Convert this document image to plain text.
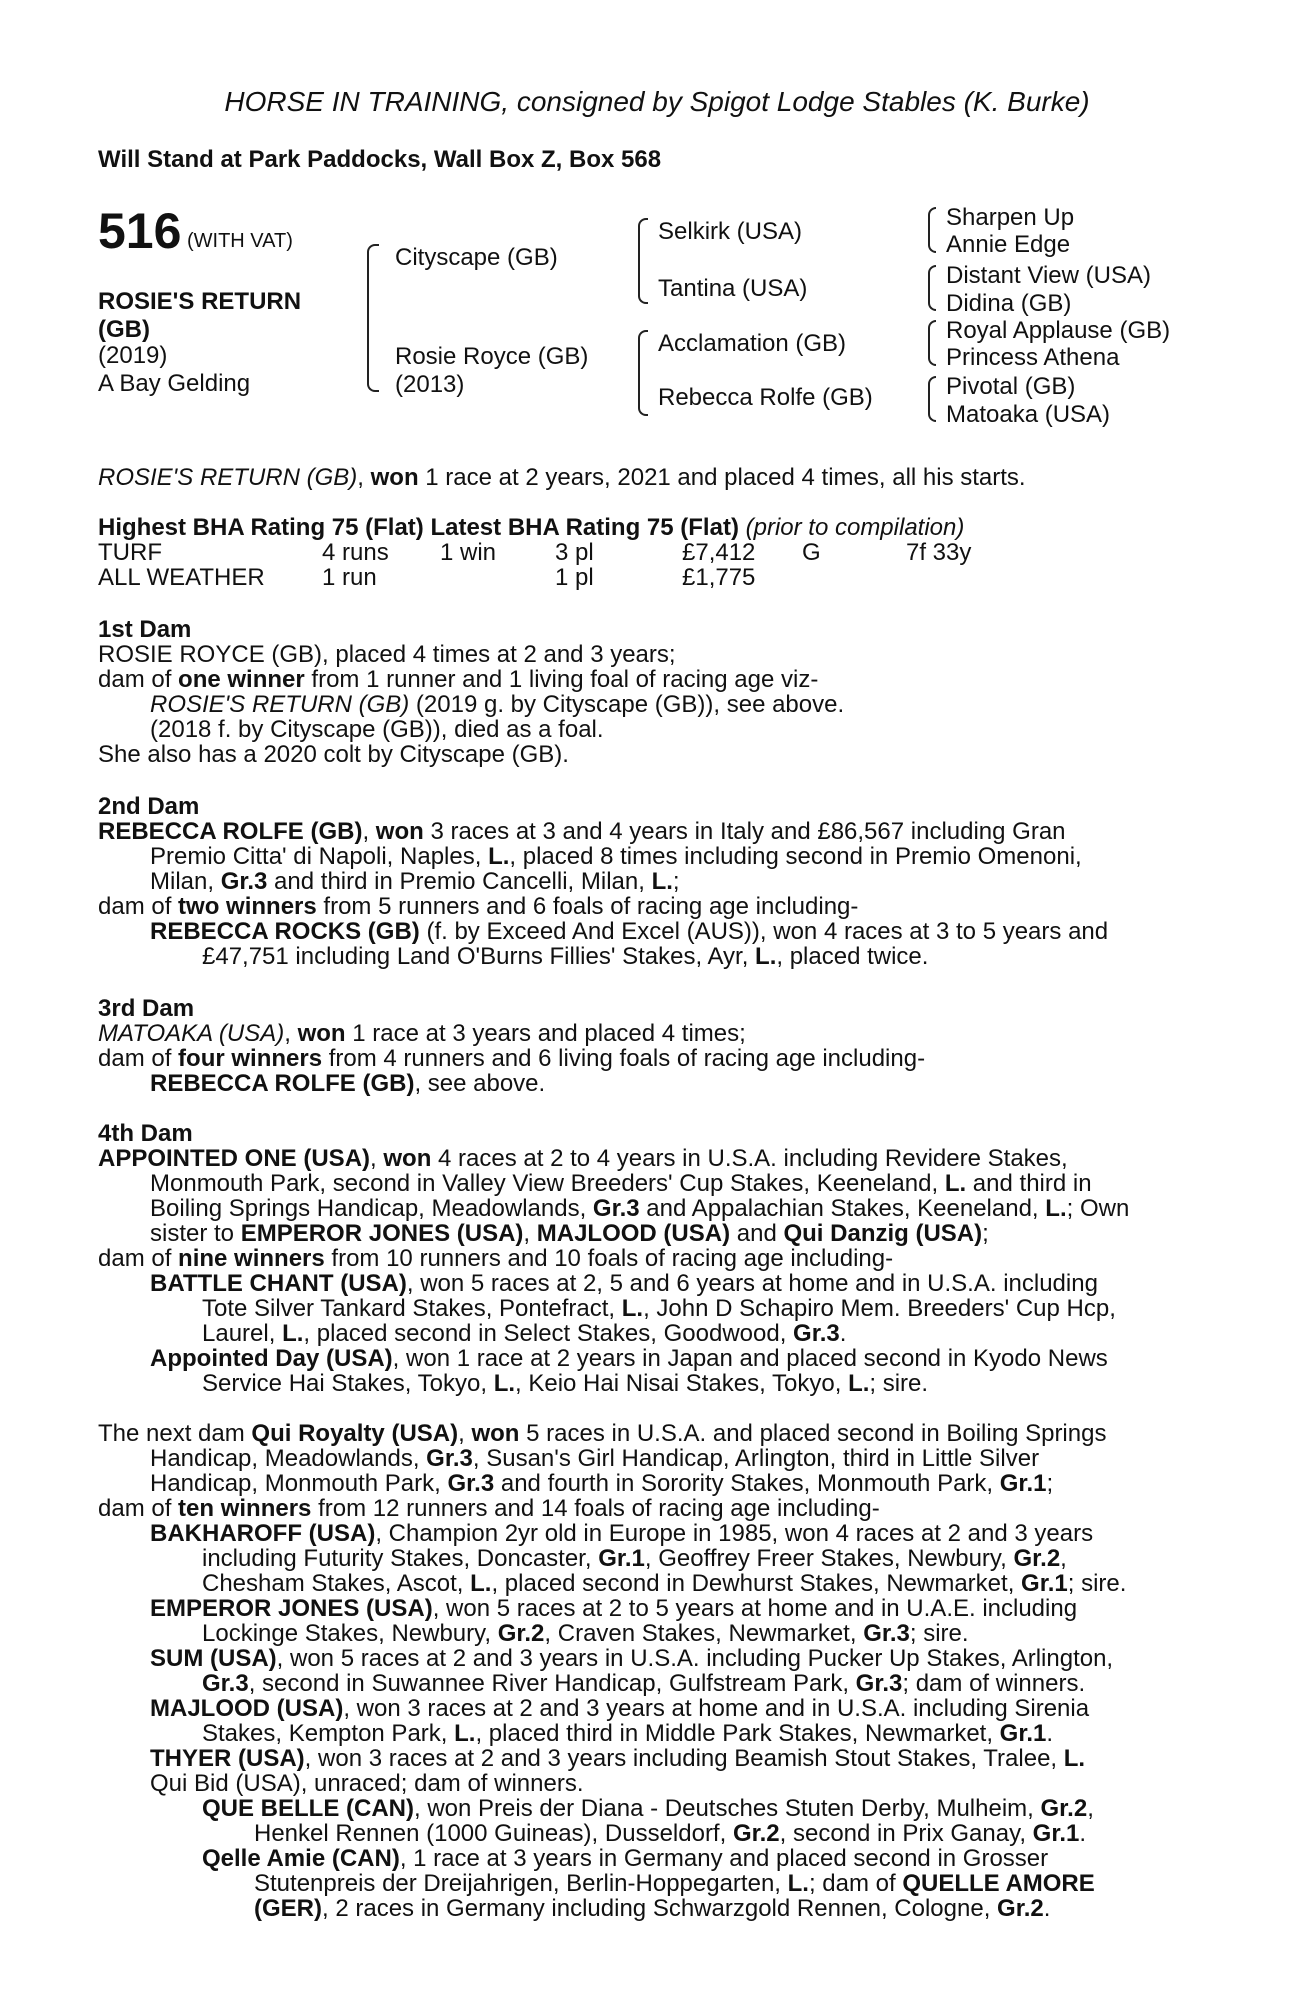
HORSE IN TRAINING, consigned by Spigot Lodge Stables (K. Burke)
Will Stand at Park Paddocks, Wall Box Z, Box 568
516 (WITH VAT)
ROSIE'S RETURN (GB)
(2019)
A Bay Gelding
Cityscape (GB)
Rosie Royce (GB)
(2013)
Selkirk (USA)
Tantina (USA)
Acclamation (GB)
Rebecca Rolfe (GB)
Sharpen Up
Annie Edge
Distant View (USA)
Didina (GB)
Royal Applause (GB)
Princess Athena
Pivotal (GB)
Matoaka (USA)
ROSIE'S RETURN (GB), won 1 race at 2 years, 2021 and placed 4 times, all his starts.
Highest BHA Rating 75 (Flat) Latest BHA Rating 75 (Flat) (prior to compilation)
TURF	4 runs 1 win 3 pl	£7,412 G	7f 33y
ALL WEATHER 1 run	1 pl	£1,775
1st Dam
ROSIE ROYCE (GB), placed 4 times at 2 and 3 years;
dam of one winner from 1 runner and 1 living foal of racing age viz-
ROSIE'S RETURN (GB) (2019 g. by Cityscape (GB)), see above.
(2018 f. by Cityscape (GB)), died as a foal.
She also has a 2020 colt by Cityscape (GB).
2nd Dam
REBECCA ROLFE (GB), won 3 races at 3 and 4 years in Italy and £86,567 including Gran
Premio Citta' di Napoli, Naples, L., placed 8 times including second in Premio Omenoni,
Milan, Gr.3 and third in Premio Cancelli, Milan, L.;
dam of two winners from 5 runners and 6 foals of racing age including-
REBECCA ROCKS (GB) (f. by Exceed And Excel (AUS)), won 4 races at 3 to 5 years and
£47,751 including Land O'Burns Fillies' Stakes, Ayr, L., placed twice.
3rd Dam
MATOAKA (USA), won 1 race at 3 years and placed 4 times;
dam of four winners from 4 runners and 6 living foals of racing age including-
REBECCA ROLFE (GB), see above.
4th Dam
APPOINTED ONE (USA), won 4 races at 2 to 4 years in U.S.A. including Revidere Stakes,
Monmouth Park, second in Valley View Breeders' Cup Stakes, Keeneland, L. and third in
Boiling Springs Handicap, Meadowlands, Gr.3 and Appalachian Stakes, Keeneland, L.; Own
sister to EMPEROR JONES (USA), MAJLOOD (USA) and Qui Danzig (USA);
dam of nine winners from 10 runners and 10 foals of racing age including-
BATTLE CHANT (USA), won 5 races at 2, 5 and 6 years at home and in U.S.A. including
Tote Silver Tankard Stakes, Pontefract, L., John D Schapiro Mem. Breeders' Cup Hcp,
Laurel, L., placed second in Select Stakes, Goodwood, Gr.3.
Appointed Day (USA), won 1 race at 2 years in Japan and placed second in Kyodo News
Service Hai Stakes, Tokyo, L., Keio Hai Nisai Stakes, Tokyo, L.; sire.
The next dam Qui Royalty (USA), won 5 races in U.S.A. and placed second in Boiling Springs
Handicap, Meadowlands, Gr.3, Susan's Girl Handicap, Arlington, third in Little Silver
Handicap, Monmouth Park, Gr.3 and fourth in Sorority Stakes, Monmouth Park, Gr.1;
dam of ten winners from 12 runners and 14 foals of racing age including-
BAKHAROFF (USA), Champion 2yr old in Europe in 1985, won 4 races at 2 and 3 years
including Futurity Stakes, Doncaster, Gr.1, Geoffrey Freer Stakes, Newbury, Gr.2,
Chesham Stakes, Ascot, L., placed second in Dewhurst Stakes, Newmarket, Gr.1; sire.
EMPEROR JONES (USA), won 5 races at 2 to 5 years at home and in U.A.E. including
Lockinge Stakes, Newbury, Gr.2, Craven Stakes, Newmarket, Gr.3; sire.
SUM (USA), won 5 races at 2 and 3 years in U.S.A. including Pucker Up Stakes, Arlington,
Gr.3, second in Suwannee River Handicap, Gulfstream Park, Gr.3; dam of winners.
MAJLOOD (USA), won 3 races at 2 and 3 years at home and in U.S.A. including Sirenia
Stakes, Kempton Park, L., placed third in Middle Park Stakes, Newmarket, Gr.1.
THYER (USA), won 3 races at 2 and 3 years including Beamish Stout Stakes, Tralee, L.
Qui Bid (USA), unraced; dam of winners.
QUE BELLE (CAN), won Preis der Diana - Deutsches Stuten Derby, Mulheim, Gr.2,
Henkel Rennen (1000 Guineas), Dusseldorf, Gr.2, second in Prix Ganay, Gr.1.
Qelle Amie (CAN), 1 race at 3 years in Germany and placed second in Grosser
Stutenpreis der Dreijahrigen, Berlin-Hoppegarten, L.; dam of QUELLE AMORE
(GER), 2 races in Germany including Schwarzgold Rennen, Cologne, Gr.2.
